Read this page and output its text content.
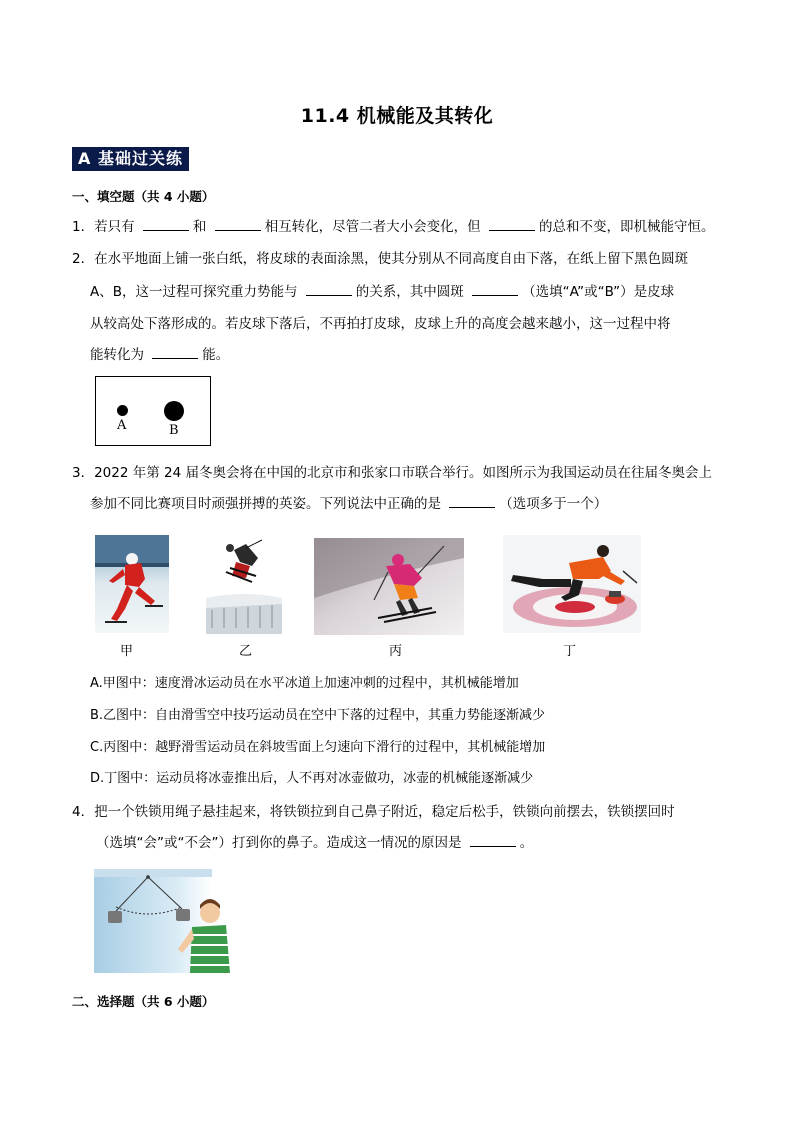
11.4 机械能及其转化
A 基础过关练
一、填空题（共 4 小题）
1．若只有	和	相互转化，尽管二者大小会变化，但	的总和不变，即机械能守恒。
2．在水平地面上铺一张白纸，将皮球的表面涂黑，使其分别从不同高度自由下落，在纸上留下黑色圆斑
A、B，这一过程可探究重力势能与	的关系，其中圆斑	（选填“A”或“B”）是皮球
从较高处下落形成的。若皮球下落后，不再拍打皮球，皮球上升的高度会越来越小，这一过程中将
能转化为	能。
A	B
3．2022 年第 24 届冬奥会将在中国的北京市和张家口市联合举行。如图所示为我国运动员在往届冬奥会上
参加不同比赛项目时顽强拼搏的英姿。下列说法中正确的是	（选项多于一个）
甲	乙	丙	丁
A.甲图中：速度滑冰运动员在水平冰道上加速冲刺的过程中，其机械能增加
B.乙图中：自由滑雪空中技巧运动员在空中下落的过程中，其重力势能逐渐减少
C.丙图中：越野滑雪运动员在斜坡雪面上匀速向下滑行的过程中，其机械能增加
D.丁图中：运动员将冰壶推出后，人不再对冰壶做功，冰壶的机械能逐渐减少
4．把一个铁锁用绳子悬挂起来，将铁锁拉到自己鼻子附近，稳定后松手，铁锁向前摆去，铁锁摆回时
（选填“会”或“不会”）打到你的鼻子。造成这一情况的原因是	。
二、选择题（共 6 小题）
